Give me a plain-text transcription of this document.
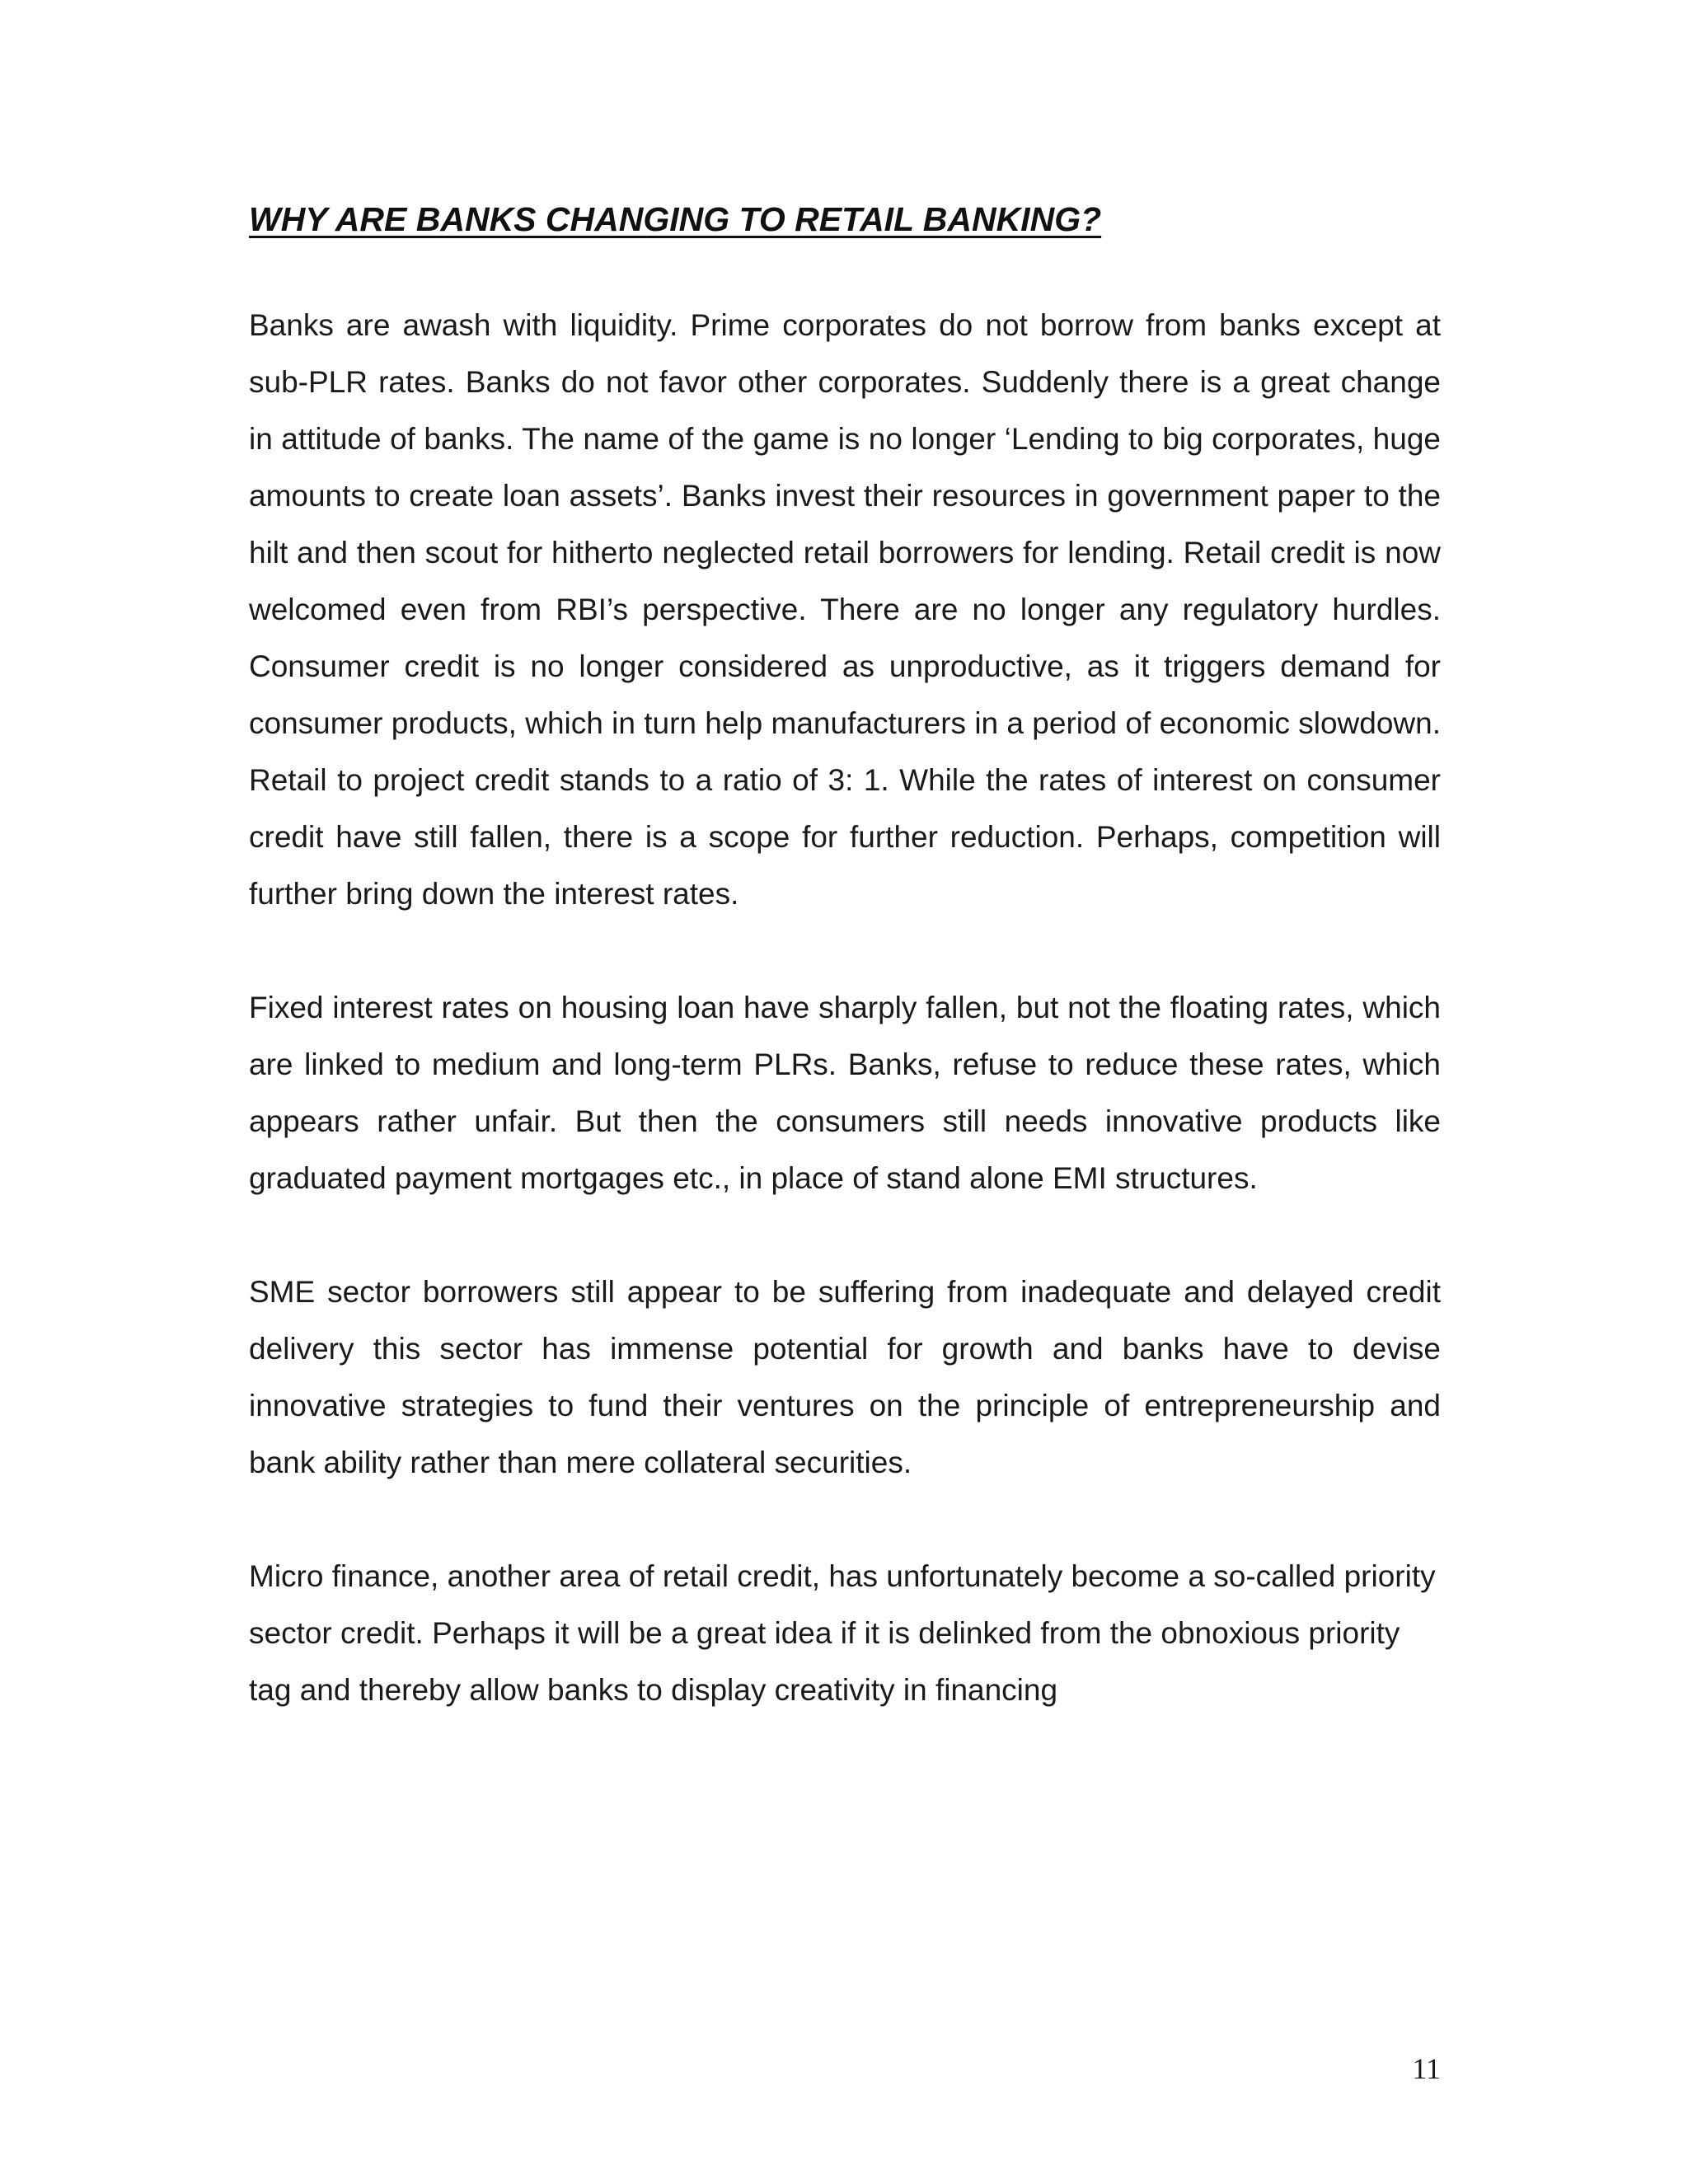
WHY ARE BANKS CHANGING TO RETAIL BANKING?

Banks are awash with liquidity. Prime corporates do not borrow from banks except at sub-PLR rates. Banks do not favor other corporates. Suddenly there is a great change in attitude of banks. The name of the game is no longer ‘Lending to big corporates, huge amounts to create loan assets’. Banks invest their resources in government paper to the hilt and then scout for hitherto neglected retail borrowers for lending. Retail credit is now welcomed even from RBI’s perspective. There are no longer any regulatory hurdles. Consumer credit is no longer considered as unproductive, as it triggers demand for consumer products, which in turn help manufacturers in a period of economic slowdown. Retail to project credit stands to a ratio of 3: 1. While the rates of interest on consumer credit have still fallen, there is a scope for further reduction. Perhaps, competition will further bring down the interest rates.

Fixed interest rates on housing loan have sharply fallen, but not the floating rates, which are linked to medium and long-term PLRs. Banks, refuse to reduce these rates, which appears rather unfair. But then the consumers still needs innovative products like graduated payment mortgages etc., in place of stand alone EMI structures.

SME sector borrowers still appear to be suffering from inadequate and delayed credit delivery this sector has immense potential for growth and banks have to devise innovative strategies to fund their ventures on the principle of entrepreneurship and bank ability rather than mere collateral securities.

Micro finance, another area of retail credit, has unfortunately become a so-called priority sector credit. Perhaps it will be a great idea if it is delinked from the obnoxious priority tag and thereby allow banks to display creativity in financing

11
